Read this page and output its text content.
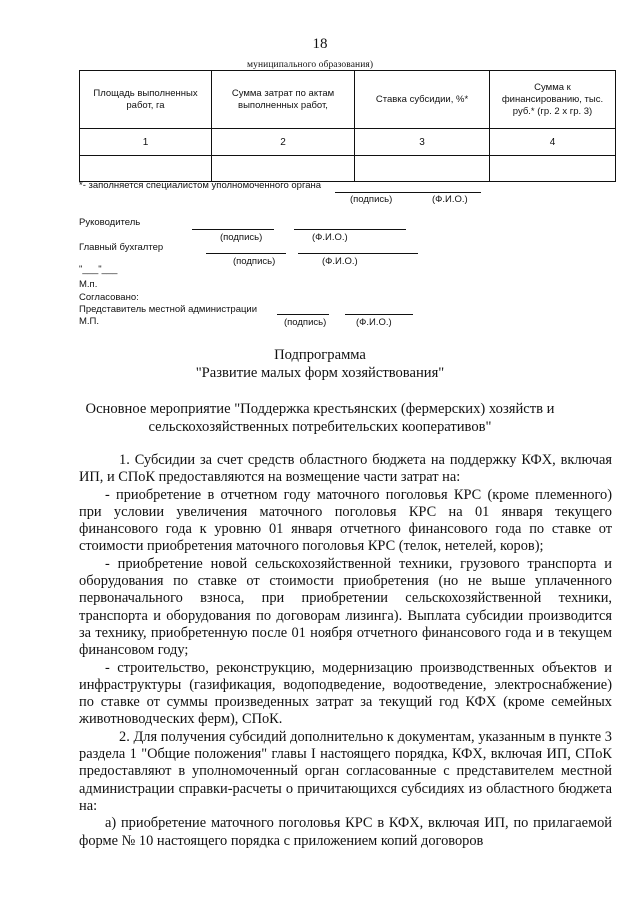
18
муниципального образования)
Площадь выполненных работ, га	Сумма затрат по актам выполненных работ,	Ставка субсидии, %*	Сумма к финансированию, тыс. руб.* (гр. 2 х гр. 3)
1	2	3	4

*- заполняется специалистом уполномоченного органа
(подпись)	(Ф.И.О.)
Руководитель
(подпись)	(Ф.И.О.)
Главный бухгалтер
(подпись)	(Ф.И.О.)
"___"___
М.п.
Согласовано:
Представитель местной администрации
М.П.	(подпись)	(Ф.И.О.)
Подпрограмма
"Развитие малых форм хозяйствования"
Основное мероприятие "Поддержка крестьянских (фермерских) хозяйств и
сельскохозяйственных потребительских кооперативов"

1. Субсидии за счет средств областного бюджета на поддержку КФХ, включая ИП, и СПоК предоставляются на возмещение части затрат на:

- приобретение в отчетном году маточного поголовья КРС (кроме племенного) при условии увеличения маточного поголовья КРС на 01 января текущего финансового года к уровню 01 января отчетного финансового года по ставке от стоимости приобретения маточного поголовья КРС (телок, нетелей, коров);

- приобретение новой сельскохозяйственной техники, грузового транспорта и оборудования по ставке от стоимости приобретения (но не выше уплаченного первоначального взноса, при приобретении сельскохозяйственной техники, транспорта и оборудования по договорам лизинга). Выплата субсидии производится за технику, приобретенную после 01 ноября отчетного финансового года и в текущем финансовом году;

- строительство, реконструкцию, модернизацию производственных объектов и инфраструктуры (газификация, водоподведение, водоотведение, электроснабжение) по ставке от суммы произведенных затрат за текущий год КФХ (кроме семейных животноводческих ферм), СПоК.

2. Для получения субсидий дополнительно к документам, указанным в пункте 3 раздела 1 "Общие положения" главы I настоящего порядка, КФХ, включая ИП, СПоК предоставляют в уполномоченный орган согласованные с представителем местной администрации справки-расчеты о причитающихся субсидиях из областного бюджета на:

а) приобретение маточного поголовья КРС в КФХ, включая ИП, по прилагаемой форме № 10 настоящего порядка с приложением копий договоров
